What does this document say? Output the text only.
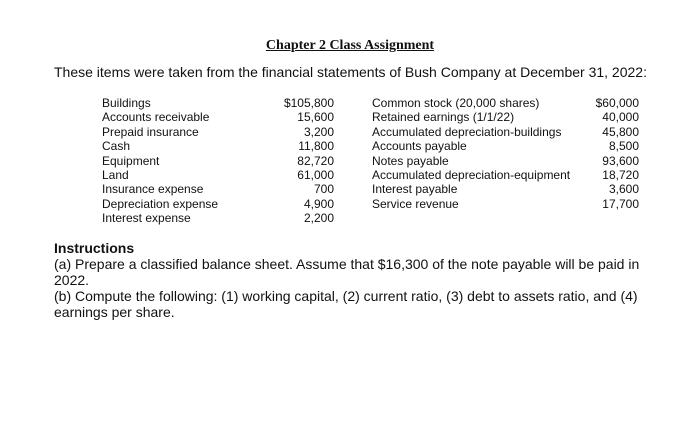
Chapter 2 Class Assignment
These items were taken from the financial statements of Bush Company at December 31, 2022:
Buildings
Accounts receivable
Prepaid insurance
Cash
Equipment
Land
Insurance expense
Depreciation expense
Interest expense
$105,800
15,600
3,200
11,800
82,720
61,000
700
4,900
2,200
Common stock (20,000 shares)
Retained earnings (1/1/22)
Accumulated depreciation-buildings
Accounts payable
Notes payable
Accumulated depreciation-equipment
Interest payable
Service revenue
$60,000
40,000
45,800
8,500
93,600
18,720
3,600
17,700
Instructions
(a) Prepare a classified balance sheet. Assume that $16,300 of the note payable will be paid in 2022.
(b) Compute the following: (1) working capital, (2) current ratio, (3) debt to assets ratio, and (4) earnings per share.
